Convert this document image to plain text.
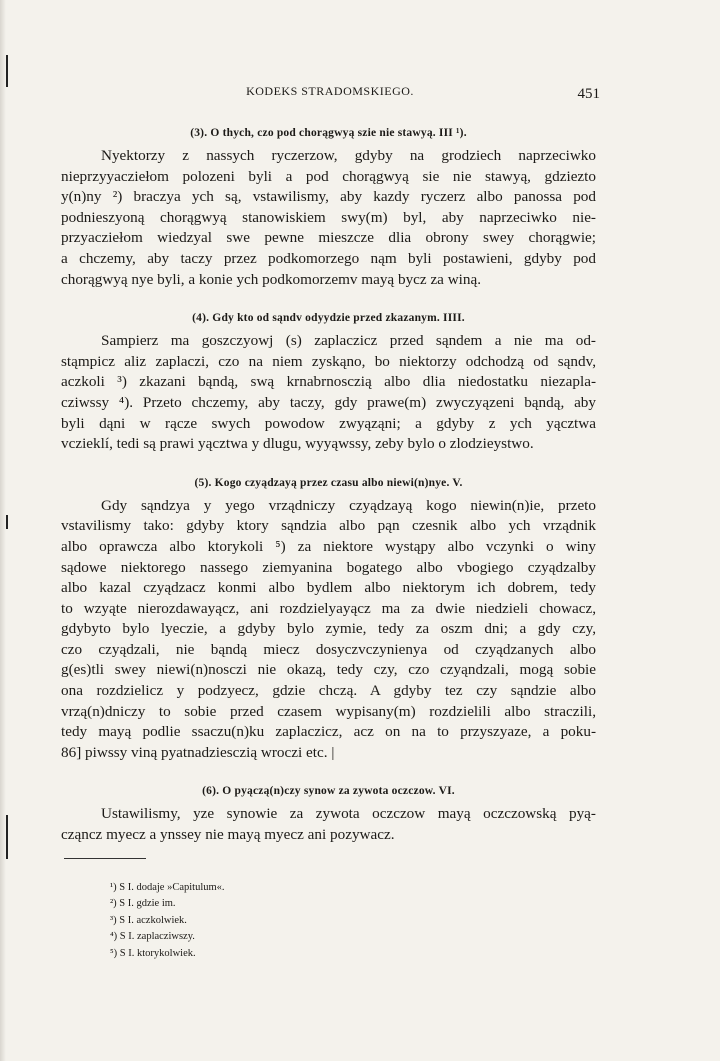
KODEKS STRADOMSKIEGO.	451

(3). O thych, czo pod chorągwyą szie nie stawyą. III ¹).

Nyektorzy z nassych ryczerzow, gdyby na grodziech naprzeciwko
nieprzyyacziełom polozeni byli a pod chorągwyą sie nie stawyą, gdziezto
y(n)ny ²) braczya ych są, vstawilismy, aby kazdy ryczerz albo panossa pod
podnieszyoną chorągwyą stanowiskiem swy(m) byl, aby naprzeciwko nie-
przyacziełom wiedzyal swe pewne mieszcze dlia obrony swey chorągwie;
a chczemy, aby taczy przez podkomorzego nąm byli postawieni, gdyby pod
chorągwyą nye byli, a konie ych podkomorzemv mayą bycz za winą.

(4). Gdy kto od sąndv odyydzie przed zkazanym. IIII.

Sampierz ma goszczyowj (s) zaplaczicz przed sąndem a nie ma od-
stąmpicz aliz zaplaczi, czo na niem zyskąno, bo niektorzy odchodzą od sąndv,
aczkoli ³) zkazani bąndą, swą krnabrnosczią albo dlia niedostatku niezapla-
cziwssy ⁴). Przeto chczemy, aby taczy, gdy prawe(m) zwyczyązeni bąndą, aby
byli dąni w rącze swych powodow zwyąząni; a gdyby z ych yącztwa
vczieklí, tedi są prawi yącztwa y dlugu, wyyąwssy, zeby bylo o zlodzieystwo.

(5). Kogo czyądzayą przez czasu albo niewi(n)nye. V.

Gdy sąndzya y yego vrządniczy czyądzayą kogo niewin(n)ie, przeto
vstavilismy tako: gdyby ktory sąndzia albo pąn czesnik albo ych vrządnik
albo oprawcza albo ktorykoli ⁵) za niektore wystąpy albo vczynki o winy
sądowe niektorego nassego ziemyanina bogatego albo vbogiego czyądzalby
albo kazal czyądzacz konmi albo bydlem albo niektorym ich dobrem, tedy
to wzyąte nierozdawayącz, ani rozdzielyayącz ma za dwie niedzieli chowacz,
gdybyto bylo lyeczie, a gdyby bylo zymie, tedy za oszm dni; a gdy czy,
czo czyądzali, nie bąndą miecz dosyczvczynienya od czyądzanych albo
g(es)tli swey niewi(n)nosczi nie okazą, tedy czy, czo czyąndzali, mogą sobie
ona rozdzielicz y podzyecz, gdzie chczą. A gdyby tez czy sąndzie albo
vrzą(n)dniczy to sobie przed czasem wypisany(m) rozdzielili albo straczili,
tedy mayą podlie ssaczu(n)ku zaplaczicz, acz on na to przyszyaze, a poku-
86] piwssy viną pyatnadziesczią wroczi etc. |

(6). O pyączą(n)czy synow za zywota oczczow. VI.

Ustawilismy, yze synowie za zywota oczczow mayą oczczowską pyą-
cząncz myecz a ynssey nie mayą myecz ani pozywacz.
¹) S I. dodaje »Capitulum«.
²) S I. gdzie im.
³) S I. aczkolwiek.
⁴) S I. zaplacziwszy.
⁵) S I. ktorykolwiek.
